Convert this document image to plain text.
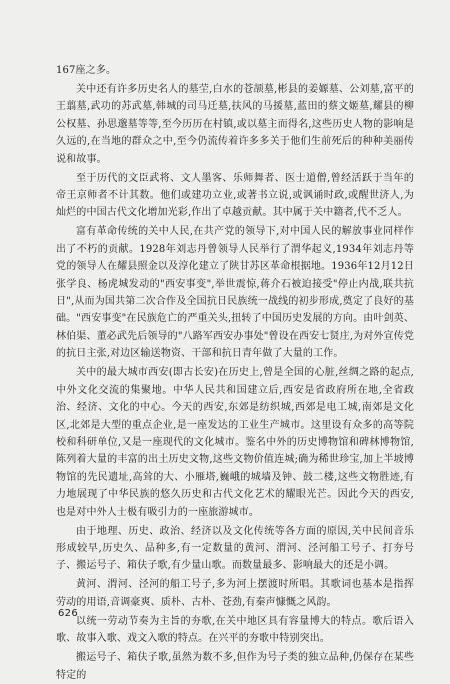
167座之多。

关中还有许多历史名人的墓茔,白水的苍颉墓,彬县的姜嫄墓、公刘墓,富平的王翦墓,武功的苏武墓,韩城的司马迁墓,扶风的马援墓,蓝田的蔡文姬墓,耀县的柳公权墓、孙思邈墓等等,至今历历在村镇,或以墓主而得名,这些历史人物的影响是久远的,在当地的群众之中,至今仍流传着许多多关于他们生前死后的种种美丽传说和故事。

至于历代的文臣武将、文人墨客、乐师舞者、医士道僧,曾经活跃于当年的帝王京师者不计其数。他们或建功立业,或著书立说,或讽诵时政,或醒世济人,为灿烂的中国古代文化增加光彩,作出了卓越贡献。其中属于关中籍者,代不乏人。

富有革命传统的关中人民,在共产党的领导下,对中国人民的解放事业同样作出了不朽的贡献。1928年刘志丹曾领导人民举行了渭华起义,1934年刘志丹等党的领导人在耀县照金以及淳化建立了陕甘苏区革命根据地。1936年12月12日张学良、杨虎城发动的"西安事变",举世震惊,蒋介石被迫接受"停止内战,联共抗日",从而为国共第二次合作及全国抗日民族统一战线的初步形成,奠定了良好的基础。"西安事变"在民族危亡的严重关头,扭转了中国历史发展的方向。由叶剑英、林伯渠、董必武先后领导的"八路军西安办事处"曾设在西安七贤庄,为对外宣传党的抗日主张,对边区输送物资、干部和抗日青年做了大量的工作。

关中的最大城市西安(即古长安)在历史上,曾是全国的心脏,丝绸之路的起点,中外文化交流的集聚地。中华人民共和国建立后,西安是省政府所在地,全省政治、经济、文化的中心。今天的西安,东郊是纺织城,西郊是电工城,南郊是文化区,北郊是大型的重点企业,是一座发达的工业生产城市。这里设有众多的高等院校和科研单位,又是一座现代的文化城市。鉴名中外的历史博物馆和碑林博物馆,陈列着大量的丰富的出土历史文物,这些文物价值连城;确为稀世珍宝,加上半坡博物馆的先民遗址,高耸的大、小雁塔,巍峨的城墙及钟、鼓二楼,这些文物胜迹,有力地展现了中华民族的悠久历史和古代文化艺术的耀眼光芒。因此今天的西安,也是对中外人士极有吸引力的一座旅游城市。

由于地理、历史、政治、经济以及文化传统等各方面的原因,关中民间音乐形成较早,历史久、品种多,有一定数量的黄河、渭河、泾河船工号子、打夯号子、搬运号子、箱伕子歌,有少量山歌。而数量最多、影响最大的还是小调。

黄河、渭河、泾河的船工号子,多为河上摆渡时所唱。其歌词也基本是指挥劳动的用语,音调豪爽、质朴、古朴、苍劲,有秦声慷慨之风韵。

以统一劳动节奏为主旨的夯歌,在关中地区具有容量博大的特点。歌后语入歌、故事入歌、戏文入歌的特点。在兴平的夯歌中特别突出。

搬运号子、箱伕子歌,虽然为数不多,但作为号子类的独立品种,仍保存在某些特定的

626
